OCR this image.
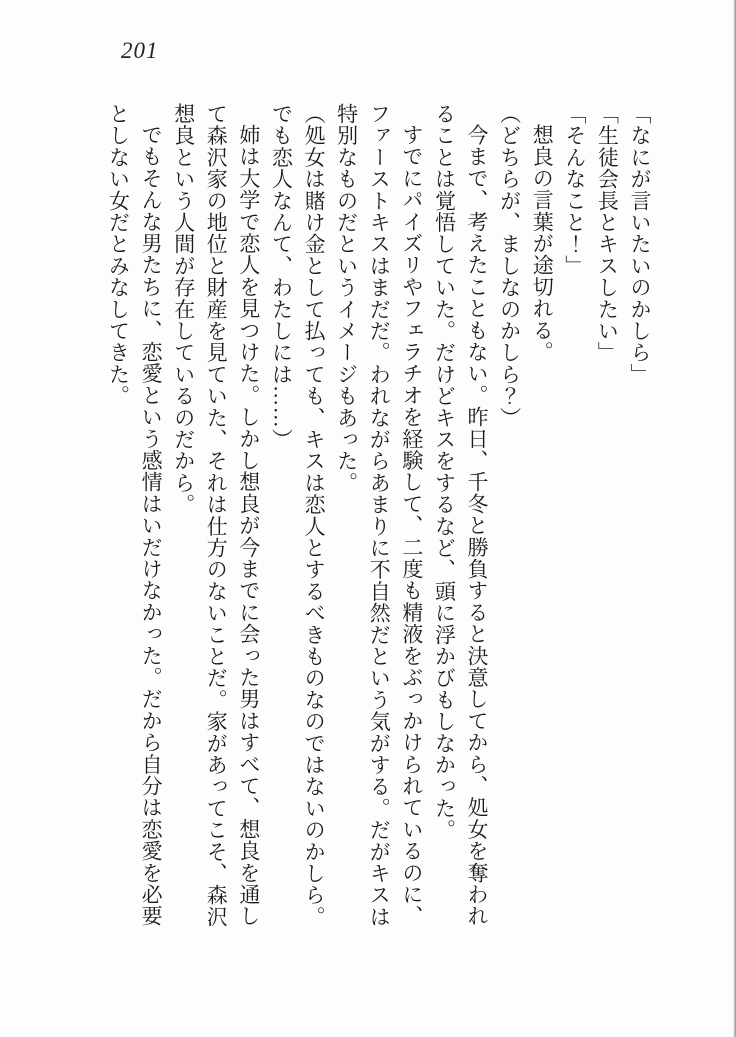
201

「なにが言いたいのかしら」

「生徒会長とキスしたい」

「そんなこと！」

想良の言葉が途切れる。

（どちらが、ましなのかしら？）

今まで、考えたこともない。昨日、千冬と勝負すると決意してから、処女を奪われることは覚悟していた。だけどキスをするなど、頭に浮かびもしなかった。

すでにパイズリやフェラチオを経験して、二度も精液をぶっかけられているのに、ファーストキスはまだだ。われながらあまりに不自然だという気がする。だがキスは特別なものだというイメージもあった。

（処女は賭け金として払っても、キスは恋人とするべきものなのではないのかしら。でも恋人なんて、わたしには……）

姉は大学で恋人を見つけた。しかし想良が今までに会った男はすべて、想良を通して森沢家の地位と財産を見ていた、それは仕方のないことだ。家があってこそ、森沢想良という人間が存在しているのだから。

でもそんな男たちに、恋愛という感情はいだけなかった。だから自分は恋愛を必要としない女だとみなしてきた。
